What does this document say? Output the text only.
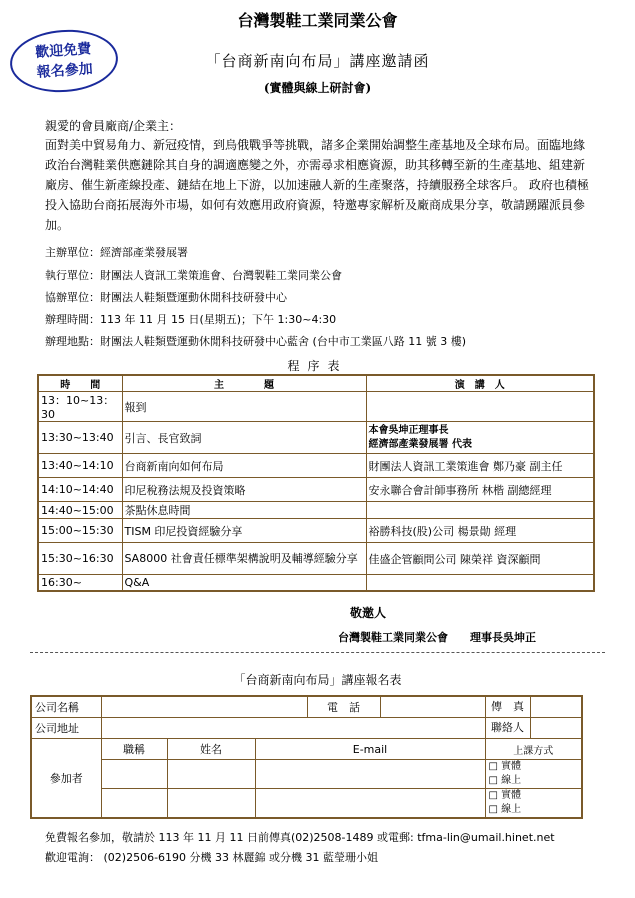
歡迎免費
報名參加
台灣製鞋工業同業公會
「台商新南向布局」講座邀請函
(實體與線上研討會)
親愛的會員廠商/企業主：
面對美中貿易角力、新冠疫情，到烏俄戰爭等挑戰，諸多企業開始調整生產基地及全球布局。面臨地緣
政治台灣鞋業供應鏈除其自身的調適應變之外，亦需尋求相應資源，助其移轉至新的生產基地、組建新
廠房、催生新產線投產、鏈結在地上下游，以加速融人新的生產聚落，持續服務全球客戶。 政府也積極
投入協助台商拓展海外市場，如何有效應用政府資源，特邀專家解析及廠商成果分享，敬請踴躍派員參
加。
主辦單位：經濟部產業發展署
執行單位：財團法人資訊工業策進會、台灣製鞋工業同業公會
協辦單位：財團法人鞋類暨運動休閒科技研發中心
辦理時間：113 年 11 月 15 日(星期五)；下午 1:30~4:30
辦理地點：財團法人鞋類暨運動休閒科技研發中心藍舍 (台中市工業區八路 11 號 3 樓)
程序表
時　　間	主　　　　題	演　講　人
13：10~13：30	報到	
13:30~13:40	引言、長官致詞	本會吳坤正理事長
經濟部產業發展署 代表
13:40~14:10	台商新南向如何布局	財團法人資訊工業策進會 鄭乃豪 副主任
14:10~14:40	印尼稅務法規及投資策略	安永聯合會計師事務所 林楷 副總經理
14:40~15:00	茶點休息時間	
15:00~15:30	TISM 印尼投資經驗分享	裕勝科技(股)公司 楊景勛 經理
15:30~16:30	SA8000 社會責任標準架構說明及輔導經驗分享	佳盛企管顧問公司 陳榮祥 資深顧問
16:30~	Q&A	
敬邀人
台灣製鞋工業同業公會　　理事長吳坤正
「台商新南向布局」講座報名表
公司名稱				電　話		傳　真
公司地址						聯絡人
參加者	職稱	姓名	E-mail			上課方式

						□ 實體
□ 線上

						□ 實體
□ 線上
免費報名參加，敬請於 113 年 11 月 11 日前傳真(02)2508-1489 或電郵: tfma-lin@umail.hinet.net
歡迎電詢： (02)2506-6190 分機 33 林麗錦 或分機 31 藍瑩珊小姐
